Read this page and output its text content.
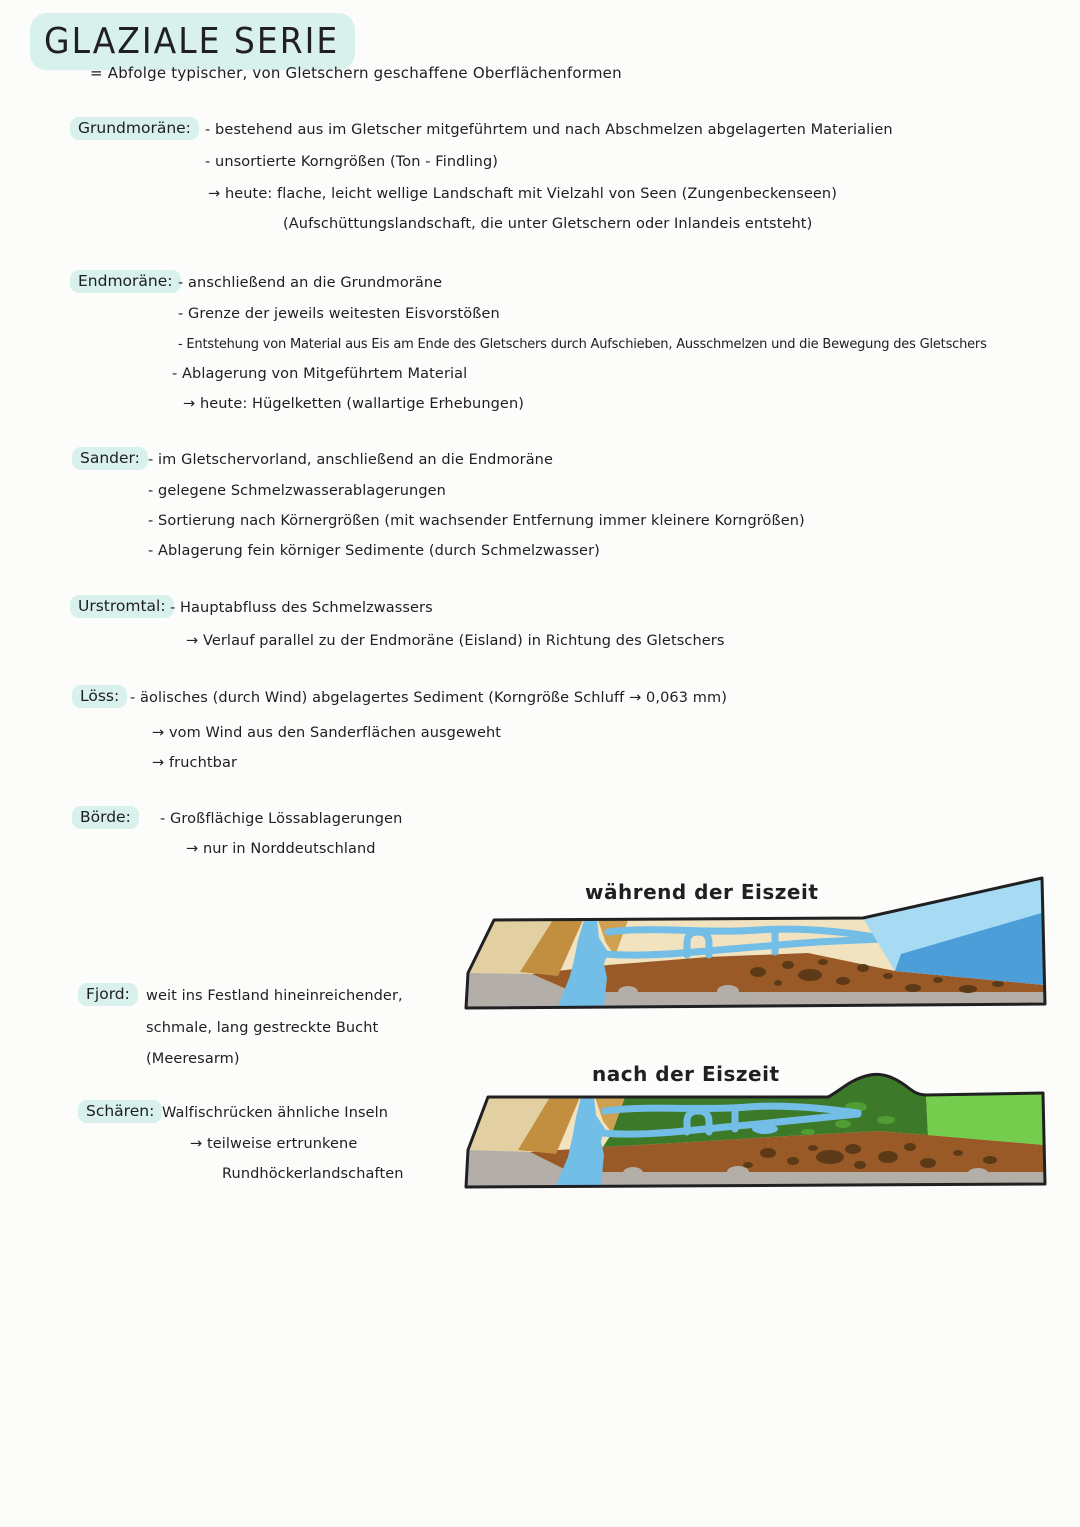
GLAZIALE SERIE
= Abfolge typischer, von Gletschern geschaffene Oberflächenformen
Grundmoräne: - bestehend aus im Gletscher mitgeführtem und nach Abschmelzen abgelagerten Materialien
- unsortierte Korngrößen (Ton - Findling)
→ heute: flache, leicht wellige Landschaft mit Vielzahl von Seen (Zungenbeckenseen)
(Aufschüttungslandschaft, die unter Gletschern oder Inlandeis entsteht)
Endmoräne: - anschließend an die Grundmoräne
- Grenze der jeweils weitesten Eisvorstößen
- Entstehung von Material aus Eis am Ende des Gletschers durch Aufschieben, Ausschmelzen und die Bewegung des Gletschers
- Ablagerung von Mitgeführtem Material
→ heute: Hügelketten (wallartige Erhebungen)
Sander: - im Gletschervorland, anschließend an die Endmoräne
- gelegene Schmelzwasserablagerungen
- Sortierung nach Körnergrößen (mit wachsender Entfernung immer kleinere Korngrößen)
- Ablagerung fein körniger Sedimente (durch Schmelzwasser)
Urstromtal: - Hauptabfluss des Schmelzwassers
→ Verlauf parallel zu der Endmoräne (Eisland) in Richtung des Gletschers
Löss: - äolisches (durch Wind) abgelagertes Sediment (Korngröße Schluff → 0,063 mm)
→ vom Wind aus den Sanderflächen ausgeweht
→ fruchtbar
Börde:	- Großflächige Lössablagerungen
→ nur in Norddeutschland
Fjord:	weit ins Festland hineinreichender,
schmale, lang gestreckte Bucht
(Meeresarm)
Schären: Walfischrücken ähnliche Inseln
→ teilweise ertrunkene
Rundhöckerlandschaften
während der Eiszeit
nach der Eiszeit
